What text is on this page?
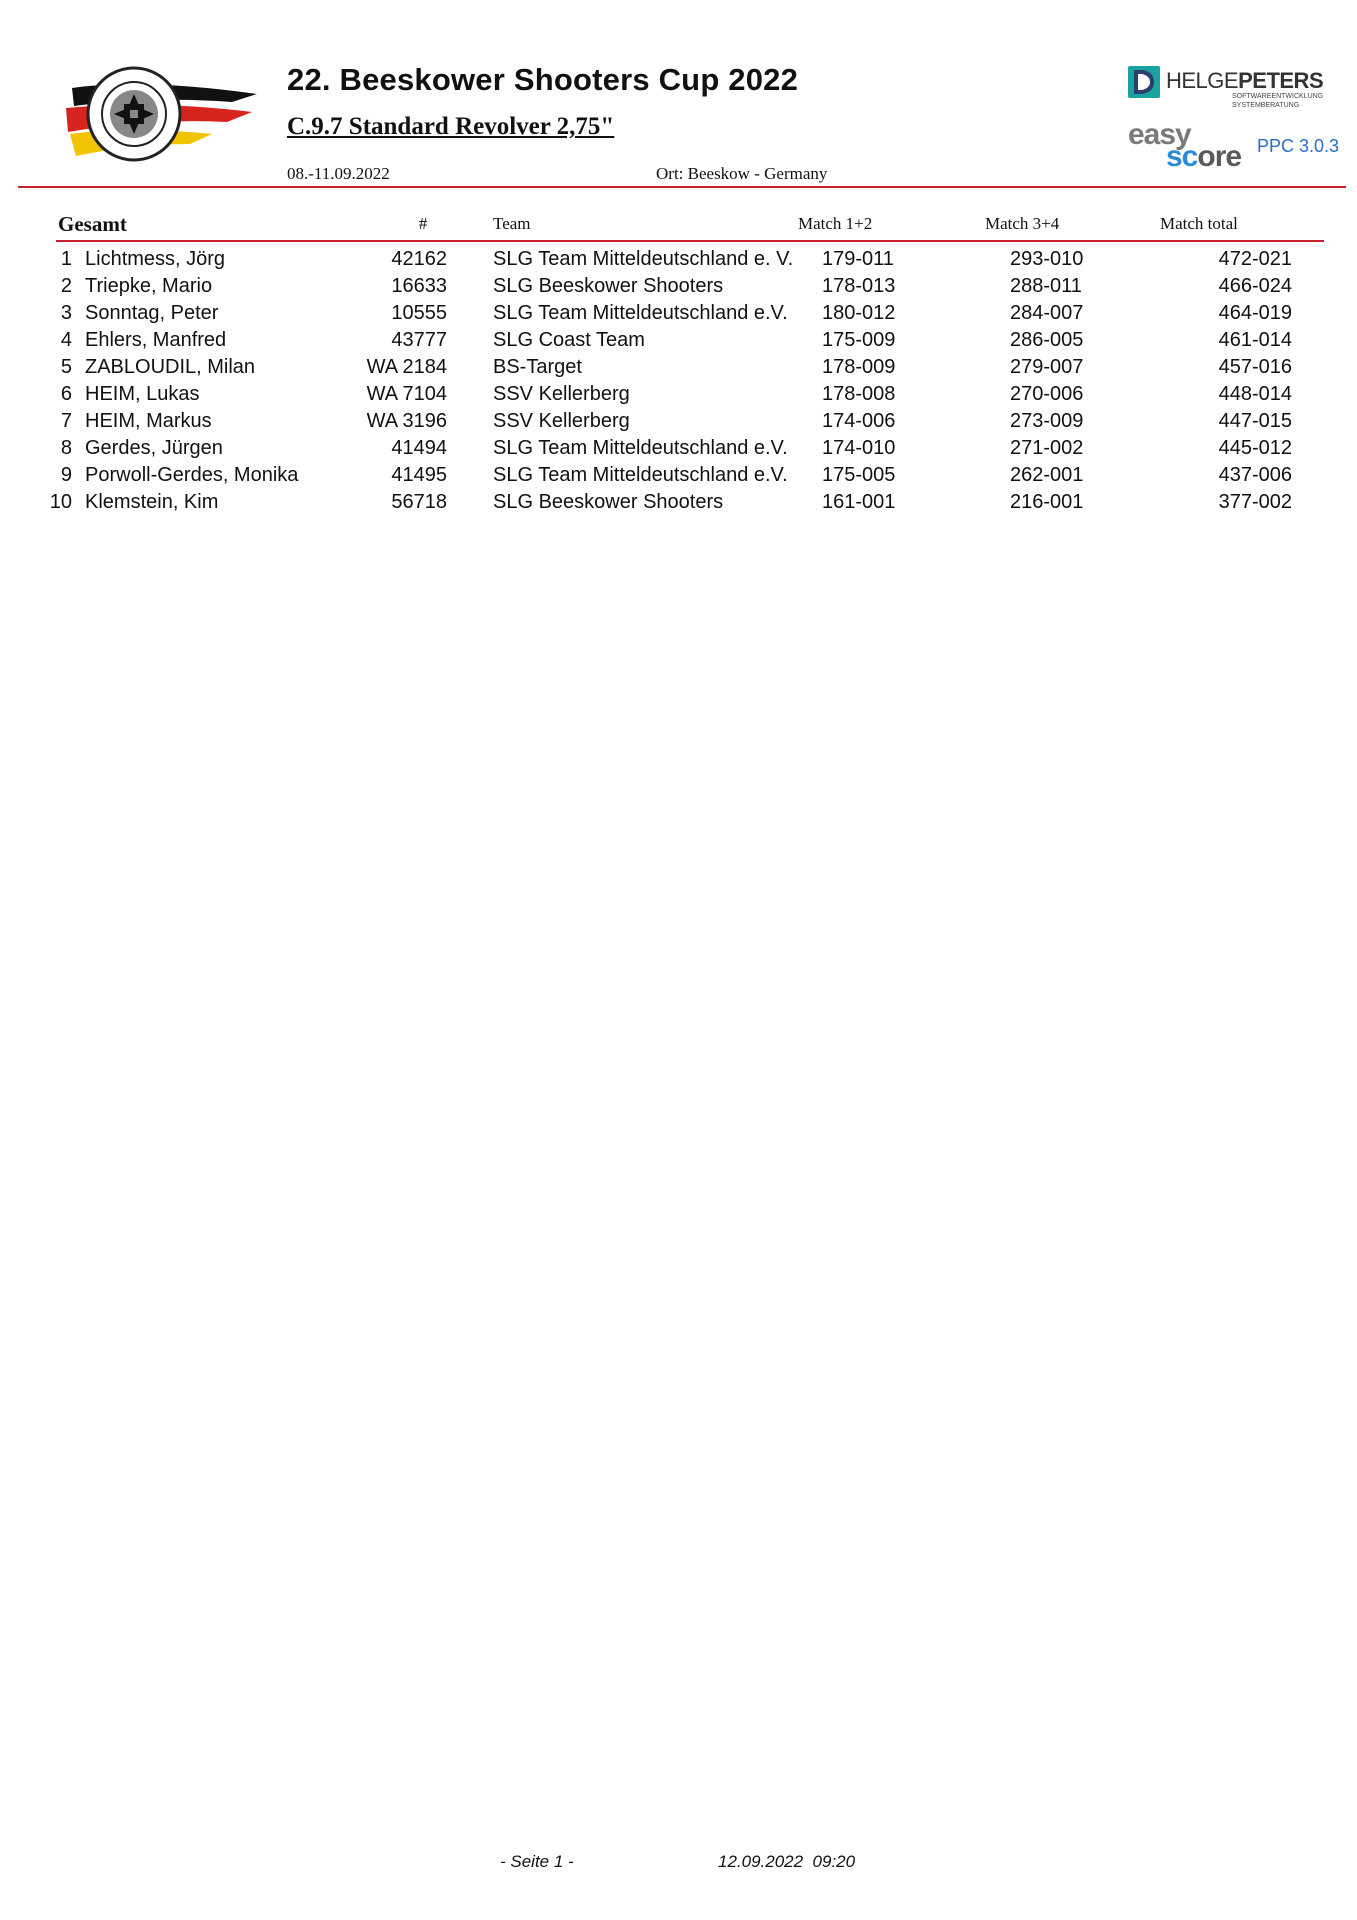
22. Beeskower Shooters Cup 2022
C.9.7 Standard Revolver 2,75"
08.-11.09.2022	Ort: Beeskow - Germany
HELGEPETERS
SOFTWAREENTWICKLUNG
SYSTEMBERATUNG
easy
score PPC 3.0.3
Gesamt	#	Team	Match 1+2	Match 3+4	Match total
1 Lichtmess, Jörg	42162 SLG Team Mitteldeutschland e. V. 179-011	293-010	472-021
2 Triepke, Mario	16633 SLG Beeskower Shooters	178-013	288-011	466-024
3 Sonntag, Peter	10555 SLG Team Mitteldeutschland e.V. 180-012	284-007	464-019
4 Ehlers, Manfred	43777 SLG Coast Team	175-009	286-005	461-014
5 ZABLOUDIL, Milan	WA 2184 BS-Target	178-009	279-007	457-016
6 HEIM, Lukas	WA 7104 SSV Kellerberg	178-008	270-006	448-014
7 HEIM, Markus	WA 3196 SSV Kellerberg	174-006	273-009	447-015
8 Gerdes, Jürgen	41494 SLG Team Mitteldeutschland e.V. 174-010	271-002	445-012
9 Porwoll-Gerdes, Monika	41495 SLG Team Mitteldeutschland e.V. 175-005	262-001	437-006
10 Klemstein, Kim	56718 SLG Beeskower Shooters	161-001	216-001	377-002
- Seite 1 -	12.09.2022  09:20
